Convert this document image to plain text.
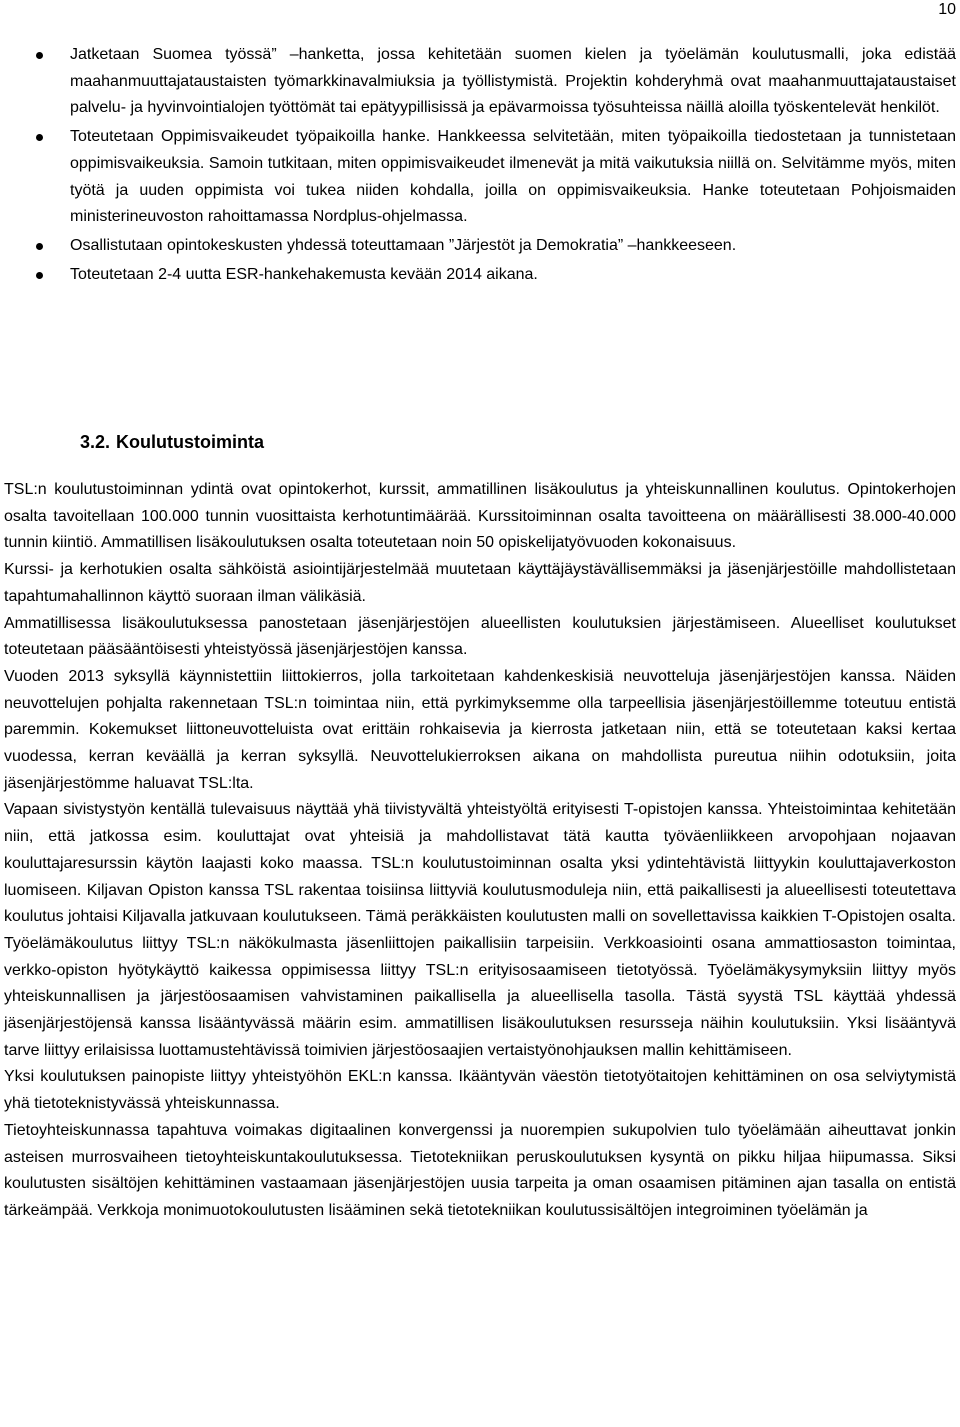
10
Jatketaan Suomea työssä” –hanketta, jossa kehitetään suomen kielen ja työelämän koulutusmalli, joka edistää maahanmuuttajataustaisten työmarkkinavalmiuksia ja työllistymistä. Projektin kohderyhmä ovat maahanmuuttajataustaiset palvelu- ja hyvinvointialojen työttömät tai epätyypillisissä ja epävarmoissa työsuhteissa näillä aloilla työskentelevät henkilöt.
Toteutetaan Oppimisvaikeudet työpaikoilla hanke. Hankkeessa selvitetään, miten työpaikoilla tiedostetaan ja tunnistetaan oppimisvaikeuksia. Samoin tutkitaan, miten oppimisvaikeudet ilmenevät ja mitä vaikutuksia niillä on. Selvitämme myös, miten työtä ja uuden oppimista voi tukea niiden kohdalla, joilla on oppimisvaikeuksia. Hanke toteutetaan Pohjoismaiden ministerineuvoston rahoittamassa Nordplus-ohjelmassa.
Osallistutaan opintokeskusten yhdessä toteuttamaan ”Järjestöt ja Demokratia” –hankkeeseen.
Toteutetaan 2-4 uutta ESR-hankehakemusta kevään 2014 aikana.
3.2. Koulutustoiminta

TSL:n koulutustoiminnan ydintä ovat opintokerhot, kurssit, ammatillinen lisäkoulutus ja yhteiskunnallinen koulutus. Opintokerhojen osalta tavoitellaan 100.000 tunnin vuosittaista kerhotuntimäärää. Kurssitoiminnan osalta tavoitteena on määrällisesti 38.000-40.000 tunnin kiintiö. Ammatillisen lisäkoulutuksen osalta toteutetaan noin 50 opiskelijatyövuoden kokonaisuus.

Kurssi- ja kerhotukien osalta sähköistä asiointijärjestelmää muutetaan käyttäjäystävällisemmäksi ja jäsenjärjestöille mahdollistetaan tapahtumahallinnon käyttö suoraan ilman välikäsiä.

Ammatillisessa lisäkoulutuksessa panostetaan jäsenjärjestöjen alueellisten koulutuksien järjestämiseen. Alueelliset koulutukset toteutetaan pääsääntöisesti yhteistyössä jäsenjärjestöjen kanssa.

Vuoden 2013 syksyllä käynnistettiin liittokierros, jolla tarkoitetaan kahdenkeskisiä neuvotteluja jäsenjärjestöjen kanssa. Näiden neuvottelujen pohjalta rakennetaan TSL:n toimintaa niin, että pyrkimyksemme olla tarpeellisia jäsenjärjestöillemme toteutuu entistä paremmin. Kokemukset liittoneuvotteluista ovat erittäin rohkaisevia ja kierrosta jatketaan niin, että se toteutetaan kaksi kertaa vuodessa, kerran keväällä ja kerran syksyllä. Neuvottelukierroksen aikana on mahdollista pureutua niihin odotuksiin, joita jäsenjärjestömme haluavat TSL:lta.

Vapaan sivistystyön kentällä tulevaisuus näyttää yhä tiivistyvältä yhteistyöltä erityisesti T-opistojen kanssa. Yhteistoimintaa kehitetään niin, että jatkossa esim. kouluttajat ovat yhteisiä ja mahdollistavat tätä kautta työväenliikkeen arvopohjaan nojaavan kouluttajaresurssin käytön laajasti koko maassa. TSL:n koulutustoiminnan osalta yksi ydintehtävistä liittyykin kouluttajaverkoston luomiseen. Kiljavan Opiston kanssa TSL rakentaa toisiinsa liittyviä koulutusmoduleja niin, että paikallisesti ja alueellisesti toteutettava koulutus johtaisi Kiljavalla jatkuvaan koulutukseen. Tämä peräkkäisten koulutusten malli on sovellettavissa kaikkien T-Opistojen osalta.

Työelämäkoulutus liittyy TSL:n näkökulmasta jäsenliittojen paikallisiin tarpeisiin. Verkkoasiointi osana ammattiosaston toimintaa, verkko-opiston hyötykäyttö kaikessa oppimisessa liittyy TSL:n erityisosaamiseen tietotyössä. Työelämäkysymyksiin liittyy myös yhteiskunnallisen ja järjestöosaamisen vahvistaminen paikallisella ja alueellisella tasolla. Tästä syystä TSL käyttää yhdessä jäsenjärjestöjensä kanssa lisääntyvässä määrin esim. ammatillisen lisäkoulutuksen resursseja näihin koulutuksiin. Yksi lisääntyvä tarve liittyy erilaisissa luottamustehtävissä toimivien järjestöosaajien vertaistyönohjauksen mallin kehittämiseen.

Yksi koulutuksen painopiste liittyy yhteistyöhön EKL:n kanssa. Ikääntyvän väestön tietotyötaitojen kehittäminen on osa selviytymistä yhä tietoteknistyvässä yhteiskunnassa.

Tietoyhteiskunnassa tapahtuva voimakas digitaalinen konvergenssi ja nuorempien sukupolvien tulo työelämään aiheuttavat jonkin asteisen murrosvaiheen tietoyhteiskuntakoulutuksessa. Tietotekniikan peruskoulutuksen kysyntä on pikku hiljaa hiipumassa. Siksi koulutusten sisältöjen kehittäminen vastaamaan jäsenjärjestöjen uusia tarpeita ja oman osaamisen pitäminen ajan tasalla on entistä tärkeämpää. Verkkoja monimuotokoulutusten lisääminen sekä tietotekniikan koulutussisältöjen integroiminen työelämän ja
